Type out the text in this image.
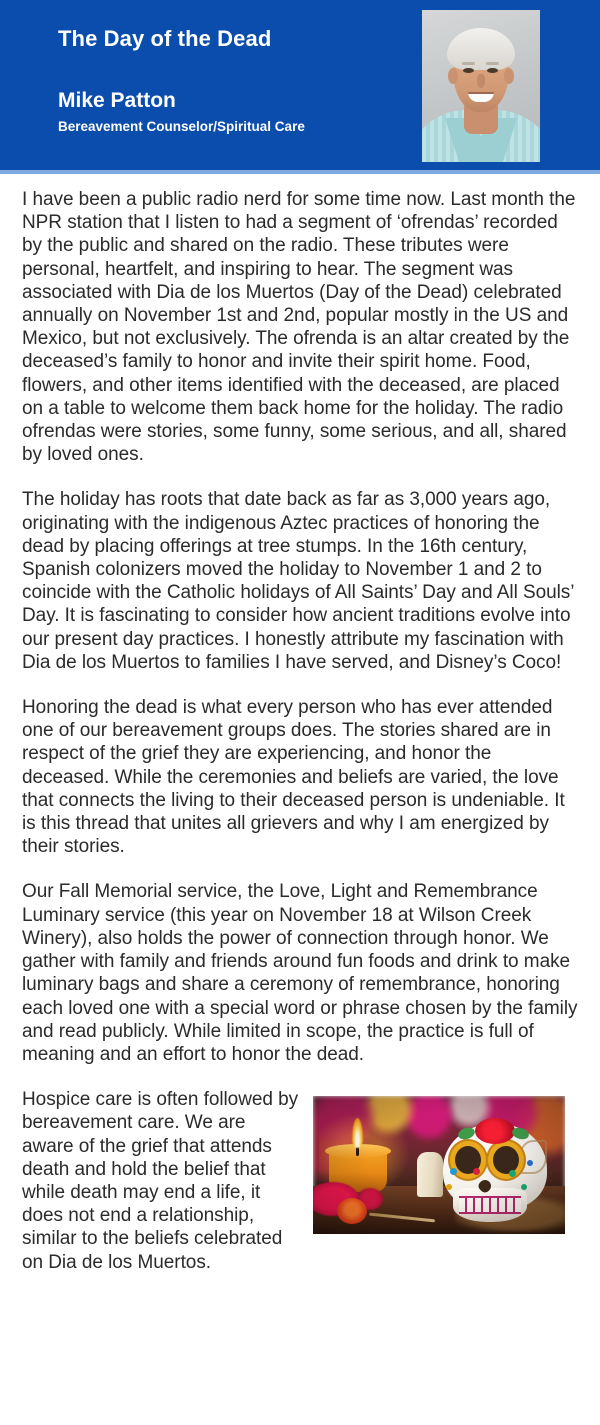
The Day of the Dead
Mike Patton
Bereavement Counselor/Spiritual Care

I have been a public radio nerd for some time now. Last month the NPR station that I listen to had a segment of ‘ofrendas’ recorded by the public and shared on the radio. These tributes were personal, heartfelt, and inspiring to hear. The segment was associated with Dia de los Muertos (Day of the Dead) celebrated annually on November 1st and 2nd, popular mostly in the US and Mexico, but not exclusively. The ofrenda is an altar created by the deceased’s family to honor and invite their spirit home. Food, flowers, and other items identified with the deceased, are placed on a table to welcome them back home for the holiday. The radio ofrendas were stories, some funny, some serious, and all, shared by loved ones.

The holiday has roots that date back as far as 3,000 years ago, originating with the indigenous Aztec practices of honoring the dead by placing offerings at tree stumps. In the 16th century, Spanish colonizers moved the holiday to November 1 and 2 to coincide with the Catholic holidays of All Saints’ Day and All Souls’ Day. It is fascinating to consider how ancient traditions evolve into our present day practices. I honestly attribute my fascination with Dia de los Muertos to families I have served, and Disney’s Coco!

Honoring the dead is what every person who has ever attended one of our bereavement groups does. The stories shared are in respect of the grief they are experiencing, and honor the deceased. While the ceremonies and beliefs are varied, the love that connects the living to their deceased person is undeniable. It is this thread that unites all grievers and why I am energized by their stories.

Our Fall Memorial service, the Love, Light and Remembrance Luminary service (this year on November 18 at Wilson Creek Winery), also holds the power of connection through honor. We gather with family and friends around fun foods and drink to make luminary bags and share a ceremony of remembrance, honoring each loved one with a special word or phrase chosen by the family and read publicly. While limited in scope, the practice is full of meaning and an effort to honor the dead.

Hospice care is often followed by bereavement care. We are aware of the grief that attends death and hold the belief that while death may end a life, it does not end a relationship, similar to the beliefs celebrated on Dia de los Muertos.
